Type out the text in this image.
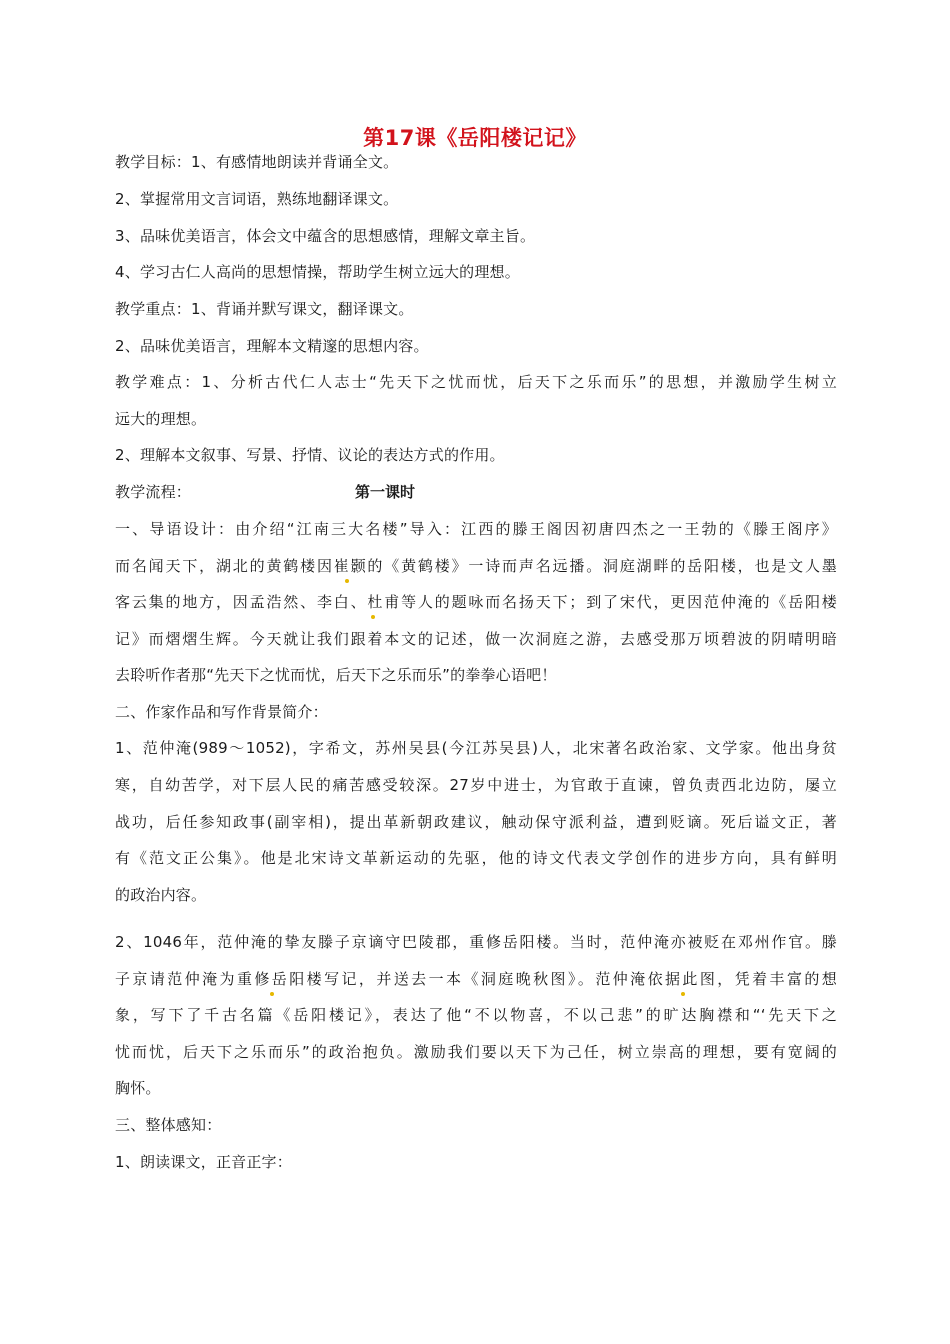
第17课《岳阳楼记记》
教学目标：1、有感情地朗读并背诵全文。
2、掌握常用文言词语，熟练地翻译课文。
3、品味优美语言，体会文中蕴含的思想感情，理解文章主旨。
4、学习古仁人高尚的思想情操，帮助学生树立远大的理想。
教学重点：1、背诵并默写课文，翻译课文。
2、品味优美语言，理解本文精邃的思想内容。
教学难点：1、分析古代仁人志士“先天下之忧而忧，后天下之乐而乐”的思想，并激励学生树立
远大的理想。
2、理解本文叙事、写景、抒情、议论的表达方式的作用。
教学流程：	第一课时
一、导语设计：由介绍“江南三大名楼”导入：江西的滕王阁因初唐四杰之一王勃的《滕王阁序》
而名闻天下，湖北的黄鹤楼因崔颢的《黄鹤楼》一诗而声名远播。洞庭湖畔的岳阳楼，也是文人墨
客云集的地方，因孟浩然、李白、杜甫等人的题咏而名扬天下；到了宋代，更因范仲淹的《岳阳楼
记》而熠熠生辉。今天就让我们跟着本文的记述，做一次洞庭之游，去感受那万顷碧波的阴晴明暗
去聆听作者那“先天下之忧而忧，后天下之乐而乐”的拳拳心语吧！
二、作家作品和写作背景简介：
1、范仲淹(989～1052)，字希文，苏州吴县(今江苏吴县)人，北宋著名政治家、文学家。他出身贫
寒，自幼苦学，对下层人民的痛苦感受较深。27岁中进士，为官敢于直谏，曾负责西北边防，屡立
战功，后任参知政事(副宰相)，提出革新朝政建议，触动保守派利益，遭到贬谪。死后谥文正，著
有《范文正公集》。他是北宋诗文革新运动的先驱，他的诗文代表文学创作的进步方向，具有鲜明
的政治内容。
2、1046年，范仲淹的挚友滕子京谪守巴陵郡，重修岳阳楼。当时，范仲淹亦被贬在邓州作官。滕
子京请范仲淹为重修岳阳楼写记，并送去一本《洞庭晚秋图》。范仲淹依据此图，凭着丰富的想
象，写下了千古名篇《岳阳楼记》，表达了他“不以物喜，不以己悲”的旷达胸襟和“‘先天下之
忧而忧，后天下之乐而乐”的政治抱负。激励我们要以天下为己任，树立崇高的理想，要有宽阔的
胸怀。
三、整体感知：
1、朗读课文，正音正字：
